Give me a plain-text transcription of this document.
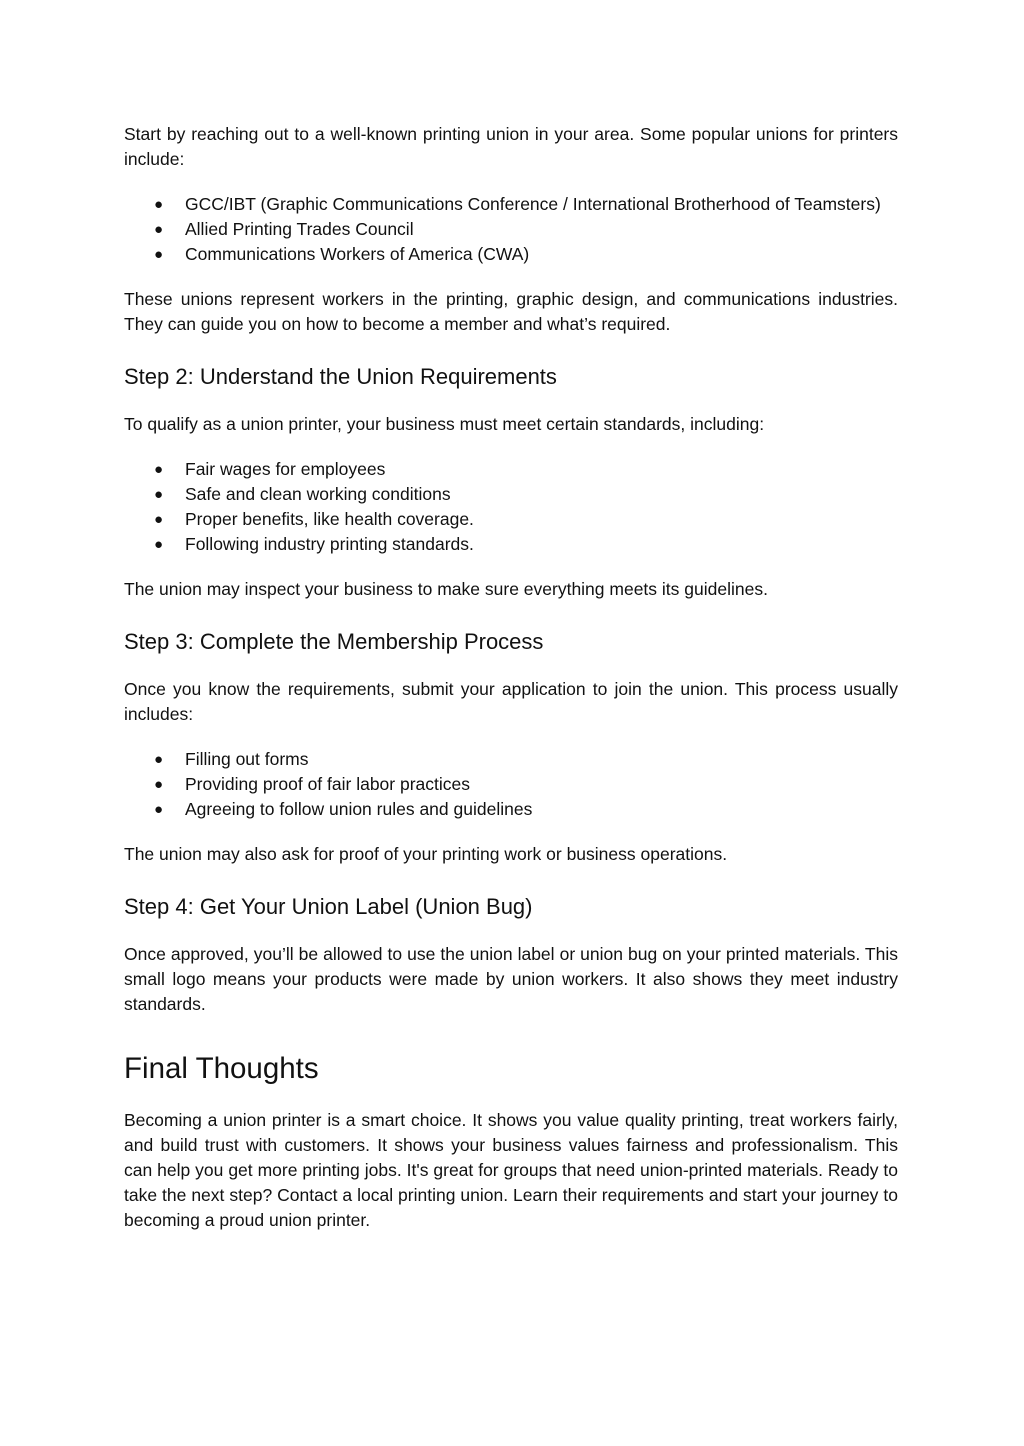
Start by reaching out to a well-known printing union in your area. Some popular unions for printers include:

● GCC/IBT (Graphic Communications Conference / International Brotherhood of Teamsters)
● Allied Printing Trades Council
● Communications Workers of America (CWA)

These unions represent workers in the printing, graphic design, and communications industries. They can guide you on how to become a member and what’s required.

Step 2: Understand the Union Requirements

To qualify as a union printer, your business must meet certain standards, including:

● Fair wages for employees
● Safe and clean working conditions
● Proper benefits, like health coverage.
● Following industry printing standards.

The union may inspect your business to make sure everything meets its guidelines.

Step 3: Complete the Membership Process

Once you know the requirements, submit your application to join the union. This process usually includes:

● Filling out forms
● Providing proof of fair labor practices
● Agreeing to follow union rules and guidelines

The union may also ask for proof of your printing work or business operations.

Step 4: Get Your Union Label (Union Bug)

Once approved, you’ll be allowed to use the union label or union bug on your printed materials. This small logo means your products were made by union workers. It also shows they meet industry standards.

Final Thoughts

Becoming a union printer is a smart choice. It shows you value quality printing, treat workers fairly, and build trust with customers. It shows your business values fairness and professionalism. This can help you get more printing jobs. It's great for groups that need union-printed materials. Ready to take the next step? Contact a local printing union. Learn their requirements and start your journey to becoming a proud union printer.
